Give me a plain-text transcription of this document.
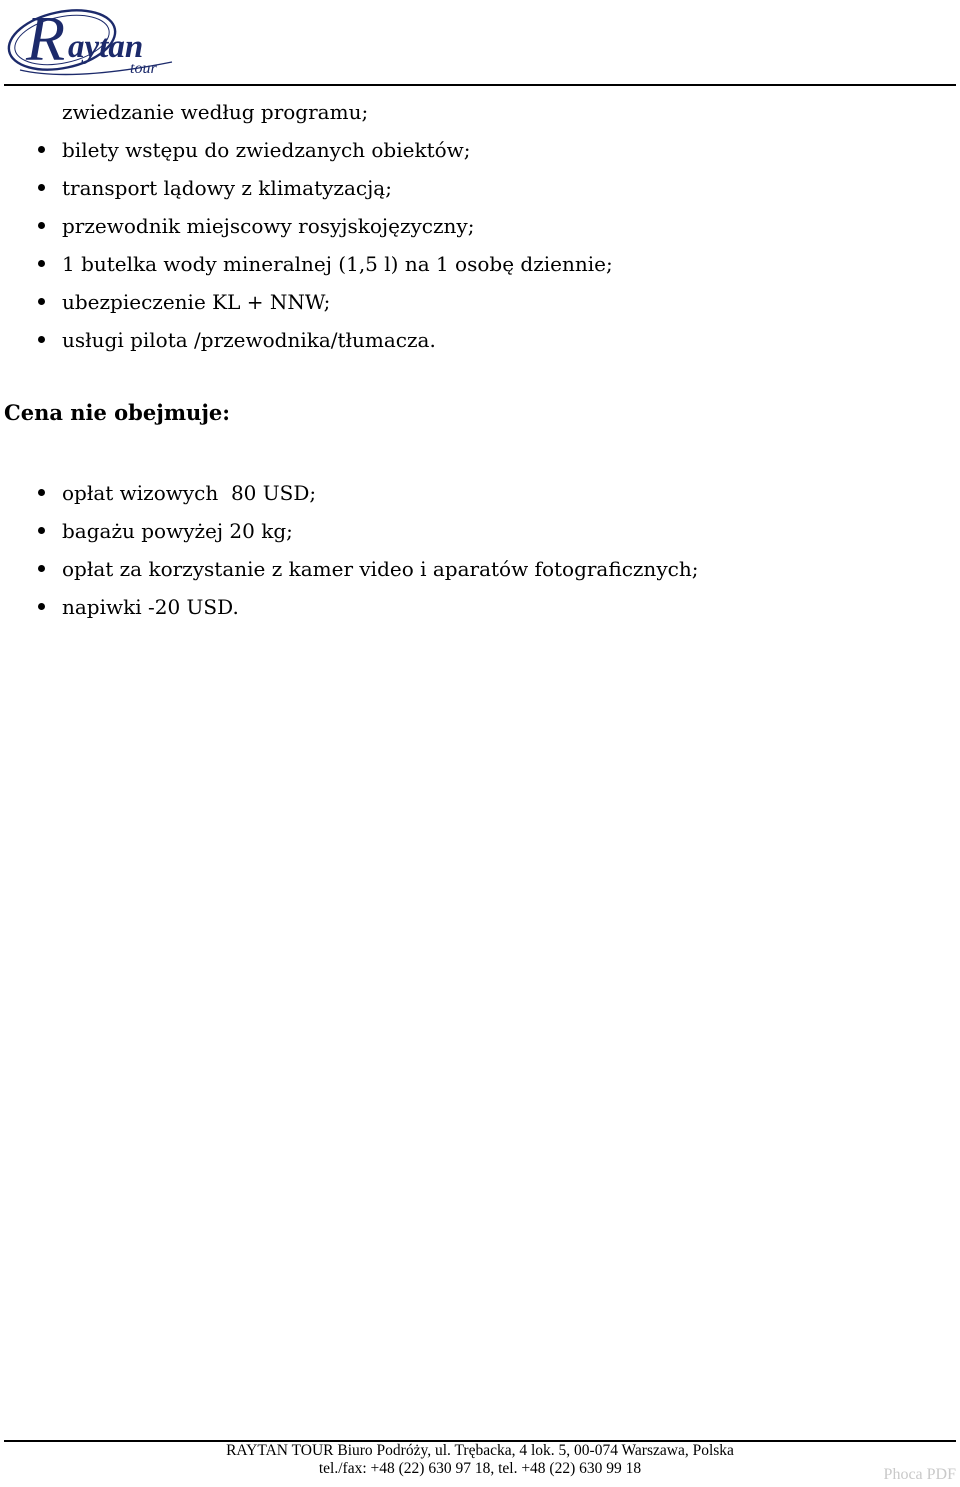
R aytan
tour
zwiedzanie według programu;
bilety wstępu do zwiedzanych obiektów;
transport lądowy z klimatyzacją;
przewodnik miejscowy rosyjskojęzyczny;
1 butelka wody mineralnej (1,5 l) na 1 osobę dziennie;
ubezpieczenie KL + NNW;
usługi pilota /przewodnika/tłumacza.
Cena nie obejmuje:
opłat wizowych  80 USD;
bagażu powyżej 20 kg;
opłat za korzystanie z kamer video i aparatów fotograficznych;
napiwki -20 USD.
RAYTAN TOUR Biuro Podróży, ul. Trębacka, 4 lok. 5, 00-074 Warszawa, Polska
tel./fax: +48 (22) 630 97 18, tel. +48 (22) 630 99 18	Phoca PDF
